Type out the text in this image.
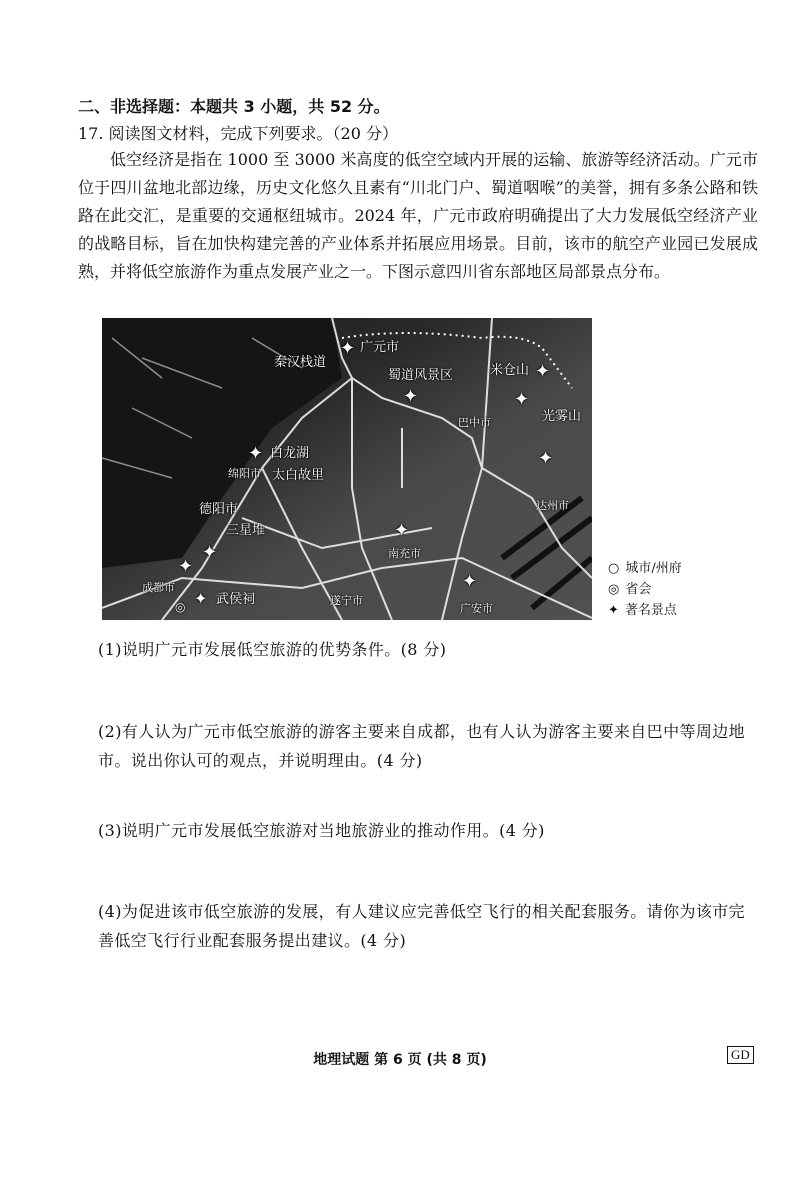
二、非选择题：本题共 3 小题，共 52 分。
17. 阅读图文材料，完成下列要求。（20 分）
低空经济是指在 1000 至 3000 米高度的低空空域内开展的运输、旅游等经济活动。广元市位于四川盆地北部边缘，历史文化悠久且素有“川北门户、蜀道咽喉”的美誉，拥有多条公路和铁路在此交汇，是重要的交通枢纽城市。2024 年，广元市政府明确提出了大力发展低空经济产业的战略目标，旨在加快构建完善的产业体系并拓展应用场景。目前，该市的航空产业园已发展成熟，并将低空旅游作为重点发展产业之一。下图示意四川省东部地区局部景点分布。
✦
✦
✦
✦
✦
✦
✦
✦
✦
✦
✦
◎
广元市
秦汉栈道
蜀道风景区	米仓山
光雾山
巴中市
白龙湖
绵阳市 太白故里
达州市
德阳市
三星堆
南充市
成都市
武侯祠	遂宁市
广安市
○ 城市/州府
◎ 省会
✦ 著名景点
(1)说明广元市发展低空旅游的优势条件。(8 分)
(2)有人认为广元市低空旅游的游客主要来自成都，也有人认为游客主要来自巴中等周边地市。说出你认可的观点，并说明理由。(4 分)
(3)说明广元市发展低空旅游对当地旅游业的推动作用。(4 分)
(4)为促进该市低空旅游的发展，有人建议应完善低空飞行的相关配套服务。请你为该市完善低空飞行行业配套服务提出建议。(4 分)
地理试题 第 6 页 (共 8 页)	GD
